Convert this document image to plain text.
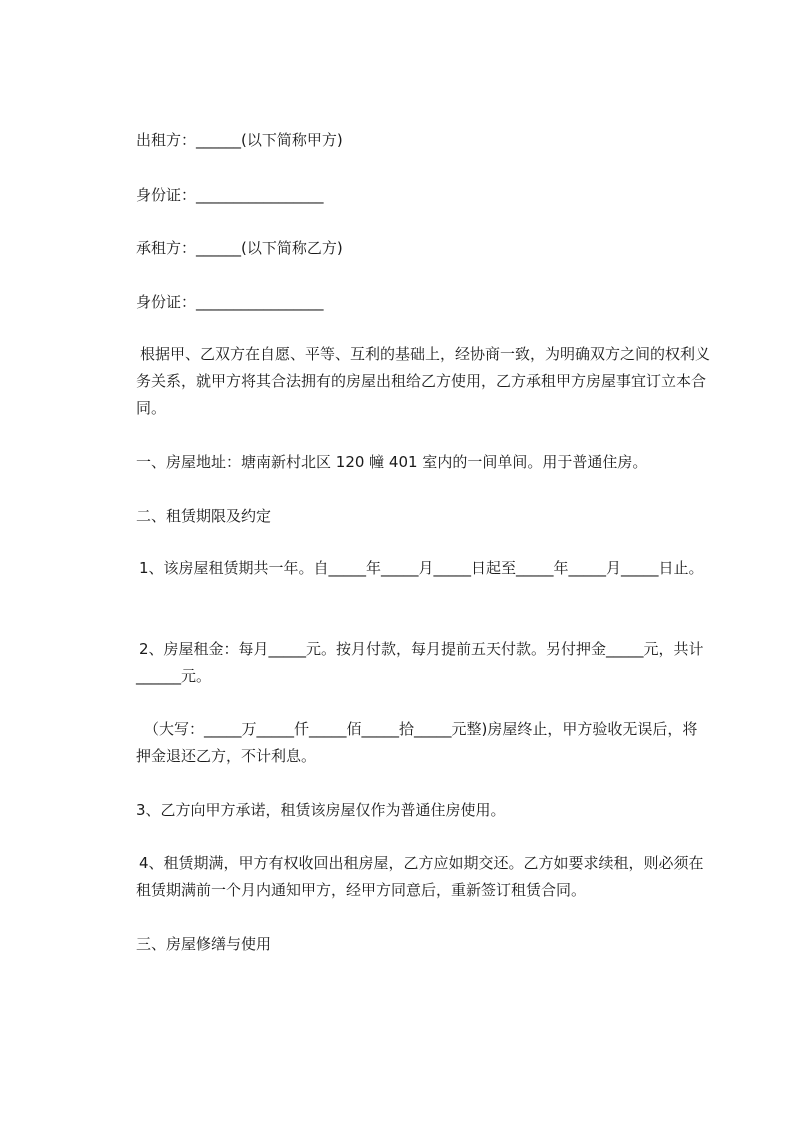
出租方：______(以下简称甲方)
身份证：_________________
承租方：______(以下简称乙方)
身份证：_________________
根据甲、乙双方在自愿、平等、互利的基础上，经协商一致，为明确双方之间的权利义务关系，就甲方将其合法拥有的房屋出租给乙方使用，乙方承租甲方房屋事宜订立本合同。
一、房屋地址：塘南新村北区 120 幢 401 室内的一间单间。用于普通住房。
二、租赁期限及约定
1、该房屋租赁期共一年。自_____年_____月_____日起至_____年_____月_____日止。
2、房屋租金：每月_____元。按月付款，每月提前五天付款。另付押金_____元，共计______元。
（大写：_____万_____仟_____佰_____拾_____元整)房屋终止，甲方验收无误后，将押金退还乙方，不计利息。
3、乙方向甲方承诺，租赁该房屋仅作为普通住房使用。
4、租赁期满，甲方有权收回出租房屋，乙方应如期交还。乙方如要求续租，则必须在租赁期满前一个月内通知甲方，经甲方同意后，重新签订租赁合同。
三、房屋修缮与使用
